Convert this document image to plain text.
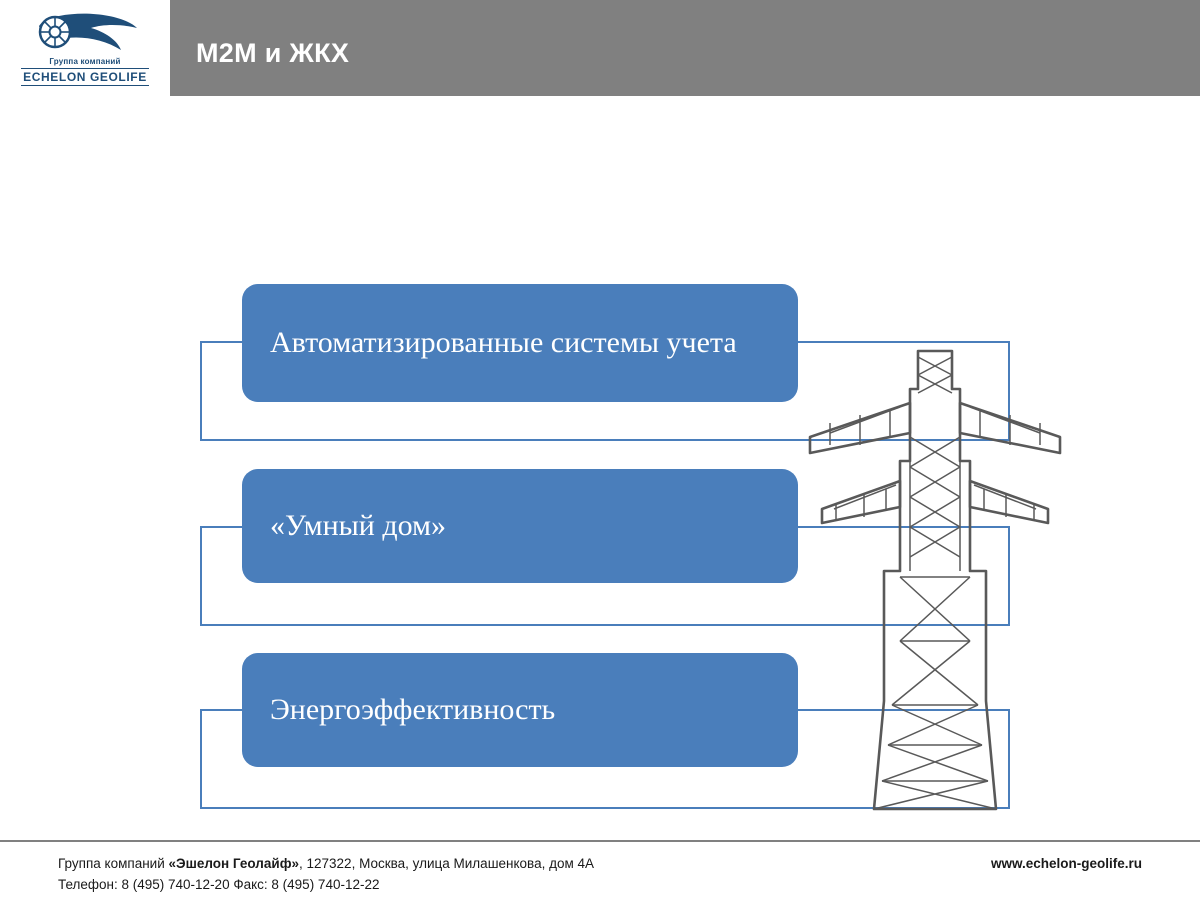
Группа компаний
ECHELON GEOLIFE
M2M и ЖКХ
Автоматизированные системы учета
«Умный дом»
Энергоэффективность
Группа компаний «Эшелон Геолайф», 127322, Москва, улица Милашенкова, дом 4А
Телефон: 8 (495) 740-12-20 Факс: 8 (495) 740-12-22
www.echelon-geolife.ru
